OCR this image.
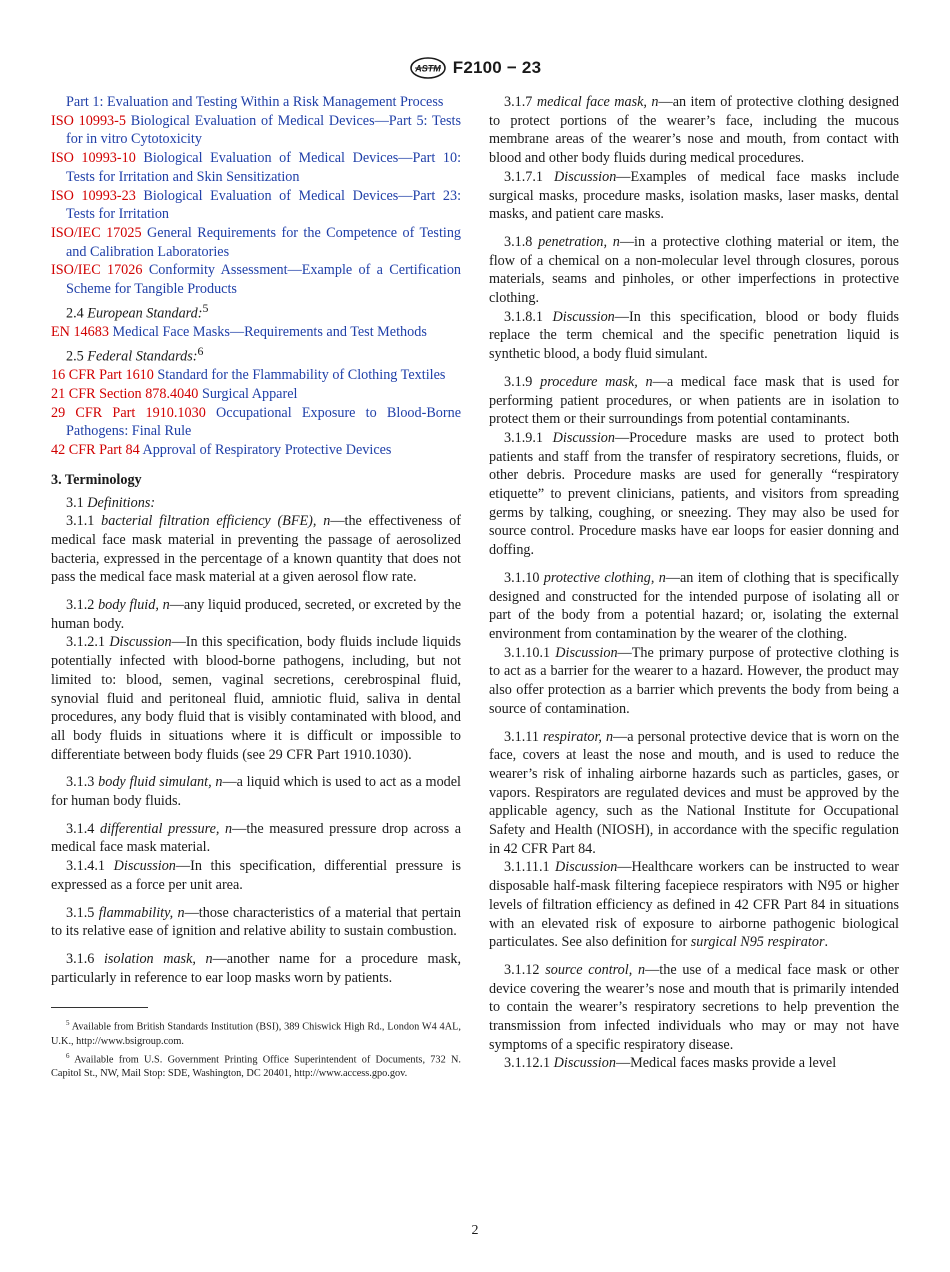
ASTM F2100 − 23

Part 1: Evaluation and Testing Within a Risk Management Process

ISO 10993-5 Biological Evaluation of Medical Devices—Part 5: Tests for in vitro Cytotoxicity

ISO 10993-10 Biological Evaluation of Medical Devices—Part 10: Tests for Irritation and Skin Sensitization

ISO 10993-23 Biological Evaluation of Medical Devices—Part 23: Tests for Irritation

ISO/IEC 17025 General Requirements for the Competence of Testing and Calibration Laboratories

ISO/IEC 17026 Conformity Assessment—Example of a Certification Scheme for Tangible Products

2.4 European Standard:$^5$

EN 14683 Medical Face Masks—Requirements and Test Methods

2.5 Federal Standards:$^6$

16 CFR Part 1610 Standard for the Flammability of Clothing Textiles

21 CFR Section 878.4040 Surgical Apparel

29 CFR Part 1910.1030 Occupational Exposure to Blood-Borne Pathogens: Final Rule

42 CFR Part 84 Approval of Respiratory Protective Devices

3. Terminology

3.1 Definitions:

3.1.1 bacterial filtration efficiency (BFE), n—the effectiveness of medical face mask material in preventing the passage of aerosolized bacteria, expressed in the percentage of a known quantity that does not pass the medical face mask material at a given aerosol flow rate.

3.1.2 body fluid, n—any liquid produced, secreted, or excreted by the human body.

3.1.2.1 Discussion—In this specification, body fluids include liquids potentially infected with blood-borne pathogens, including, but not limited to: blood, semen, vaginal secretions, cerebrospinal fluid, synovial fluid and peritoneal fluid, amniotic fluid, saliva in dental procedures, any body fluid that is visibly contaminated with blood, and all body fluids in situations where it is difficult or impossible to differentiate between body fluids (see 29 CFR Part 1910.1030).

3.1.3 body fluid simulant, n—a liquid which is used to act as a model for human body fluids.

3.1.4 differential pressure, n—the measured pressure drop across a medical face mask material.

3.1.4.1 Discussion—In this specification, differential pressure is expressed as a force per unit area.

3.1.5 flammability, n—those characteristics of a material that pertain to its relative ease of ignition and relative ability to sustain combustion.

3.1.6 isolation mask, n—another name for a procedure mask, particularly in reference to ear loop masks worn by patients.

$^5$ Available from British Standards Institution (BSI), 389 Chiswick High Rd., London W4 4AL, U.K., http://www.bsigroup.com.

$^6$ Available from U.S. Government Printing Office Superintendent of Documents, 732 N. Capitol St., NW, Mail Stop: SDE, Washington, DC 20401, http://www.access.gpo.gov.

3.1.7 medical face mask, n—an item of protective clothing designed to protect portions of the wearer’s face, including the mucous membrane areas of the wearer’s nose and mouth, from contact with blood and other body fluids during medical procedures.

3.1.7.1 Discussion—Examples of medical face masks include surgical masks, procedure masks, isolation masks, laser masks, dental masks, and patient care masks.

3.1.8 penetration, n—in a protective clothing material or item, the flow of a chemical on a non-molecular level through closures, porous materials, seams and pinholes, or other imperfections in protective clothing.

3.1.8.1 Discussion—In this specification, blood or body fluids replace the term chemical and the specific penetration liquid is synthetic blood, a body fluid simulant.

3.1.9 procedure mask, n—a medical face mask that is used for performing patient procedures, or when patients are in isolation to protect them or their surroundings from potential contaminants.

3.1.9.1 Discussion—Procedure masks are used to protect both patients and staff from the transfer of respiratory secretions, fluids, or other debris. Procedure masks are used for generally “respiratory etiquette” to prevent clinicians, patients, and visitors from spreading germs by talking, coughing, or sneezing. They may also be used for source control. Procedure masks have ear loops for easier donning and doffing.

3.1.10 protective clothing, n—an item of clothing that is specifically designed and constructed for the intended purpose of isolating all or part of the body from a potential hazard; or, isolating the external environment from contamination by the wearer of the clothing.

3.1.10.1 Discussion—The primary purpose of protective clothing is to act as a barrier for the wearer to a hazard. However, the product may also offer protection as a barrier which prevents the body from being a source of contamination.

3.1.11 respirator, n—a personal protective device that is worn on the face, covers at least the nose and mouth, and is used to reduce the wearer’s risk of inhaling airborne hazards such as particles, gases, or vapors. Respirators are regulated devices and must be approved by the applicable agency, such as the National Institute for Occupational Safety and Health (NIOSH), in accordance with the specific regulation in 42 CFR Part 84.

3.1.11.1 Discussion—Healthcare workers can be instructed to wear disposable half-mask filtering facepiece respirators with N95 or higher levels of filtration efficiency as defined in 42 CFR Part 84 in situations with an elevated risk of exposure to airborne pathogenic biological particulates. See also definition for surgical N95 respirator.

3.1.12 source control, n—the use of a medical face mask or other device covering the wearer’s nose and mouth that is primarily intended to contain the wearer’s respiratory secretions to help prevention the transmission from infected individuals who may or may not have symptoms of a specific respiratory disease.

3.1.12.1 Discussion—Medical faces masks provide a level

2
